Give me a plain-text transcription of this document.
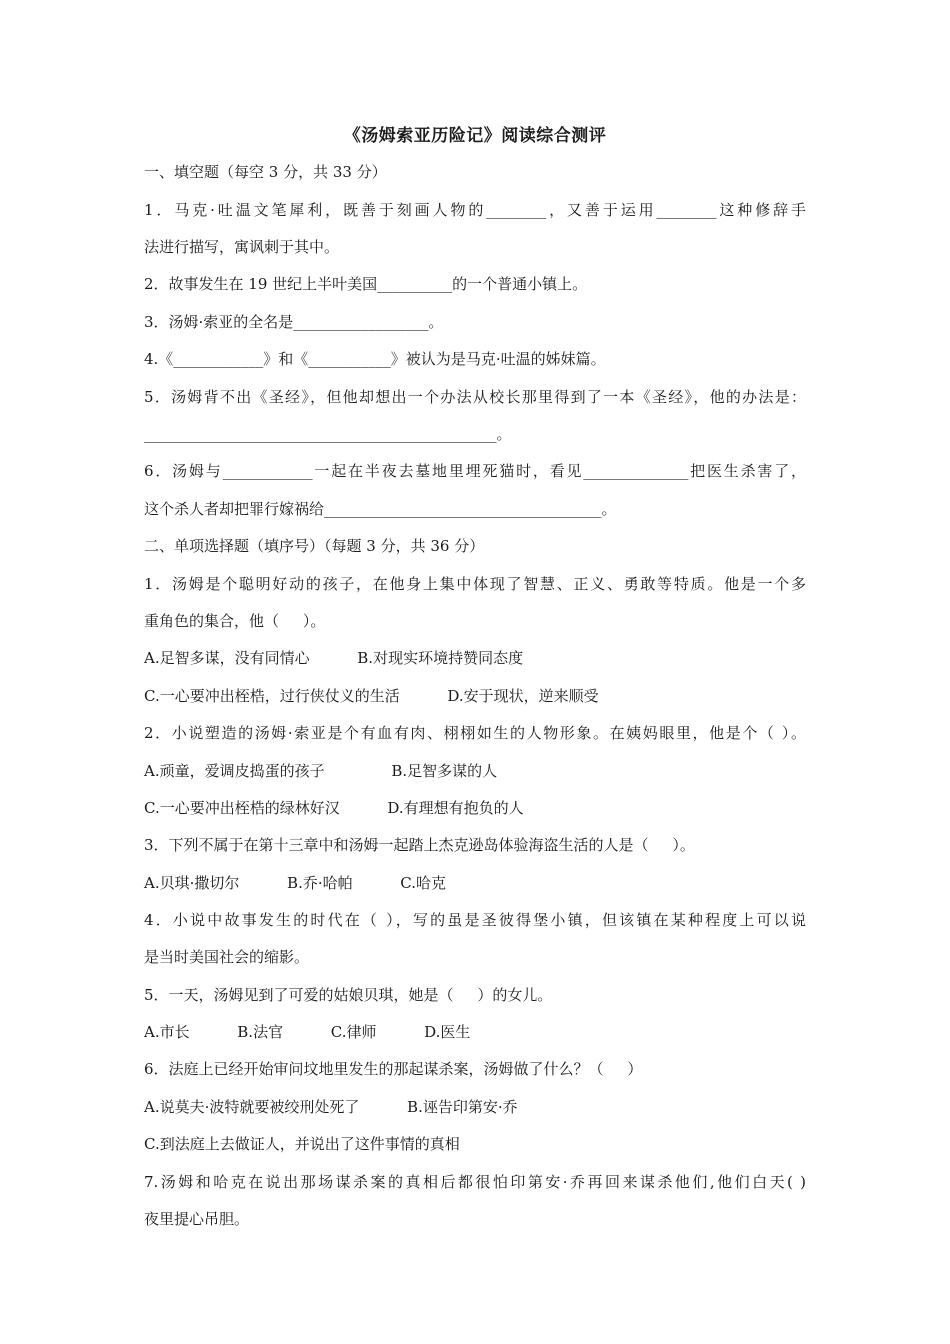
《汤姆索亚历险记》阅读综合测评
一、填空题（每空 3 分，共 33 分）
1．马克·吐温文笔犀利，既善于刻画人物的________，又善于运用________这种修辞手
法进行描写，寓讽刺于其中。
2．故事发生在 19 世纪上半叶美国__________的一个普通小镇上。
3．汤姆·索亚的全名是__________________。
4.《____________》和《___________》被认为是马克·吐温的姊妹篇。
5．汤姆背不出《圣经》，但他却想出一个办法从校长那里得到了一本《圣经》，他的办法是：
_______________________________________________。
6．汤姆与____________一起在半夜去墓地里埋死猫时，看见______________把医生杀害了，
这个杀人者却把罪行嫁祸给_____________________________________。
二、单项选择题（填序号）（每题 3 分，共 36 分）
1．汤姆是个聪明好动的孩子，在他身上集中体现了智慧、正义、勇敢等特质。他是一个多
重角色的集合，他（     ）。
A.足智多谋，没有同情心          B.对现实环境持赞同态度
C.一心要冲出桎梏，过行侠仗义的生活          D.安于现状，逆来顺受
2．小说塑造的汤姆·索亚是个有血有肉、栩栩如生的人物形象。在姨妈眼里，他是个（ ）。
A.顽童，爱调皮捣蛋的孩子              B.足智多谋的人
C.一心要冲出桎梏的绿林好汉          D.有理想有抱负的人
3．下列不属于在第十三章中和汤姆一起踏上杰克逊岛体验海盗生活的人是（     ）。
A.贝琪·撒切尔          B.乔·哈帕          C.哈克
4．小说中故事发生的时代在（ ），写的虽是圣彼得堡小镇，但该镇在某种程度上可以说
是当时美国社会的缩影。
5．一天，汤姆见到了可爱的姑娘贝琪，她是（     ）的女儿。
A.市长          B.法官          C.律师          D.医生
6．法庭上已经开始审问坟地里发生的那起谋杀案，汤姆做了什么？（     ）
A.说莫夫·波特就要被绞刑处死了          B.诬告印第安·乔
C.到法庭上去做证人，并说出了这件事情的真相
7.汤姆和哈克在说出那场谋杀案的真相后都很怕印第安·乔再回来谋杀他们,他们白天( )
夜里提心吊胆。
